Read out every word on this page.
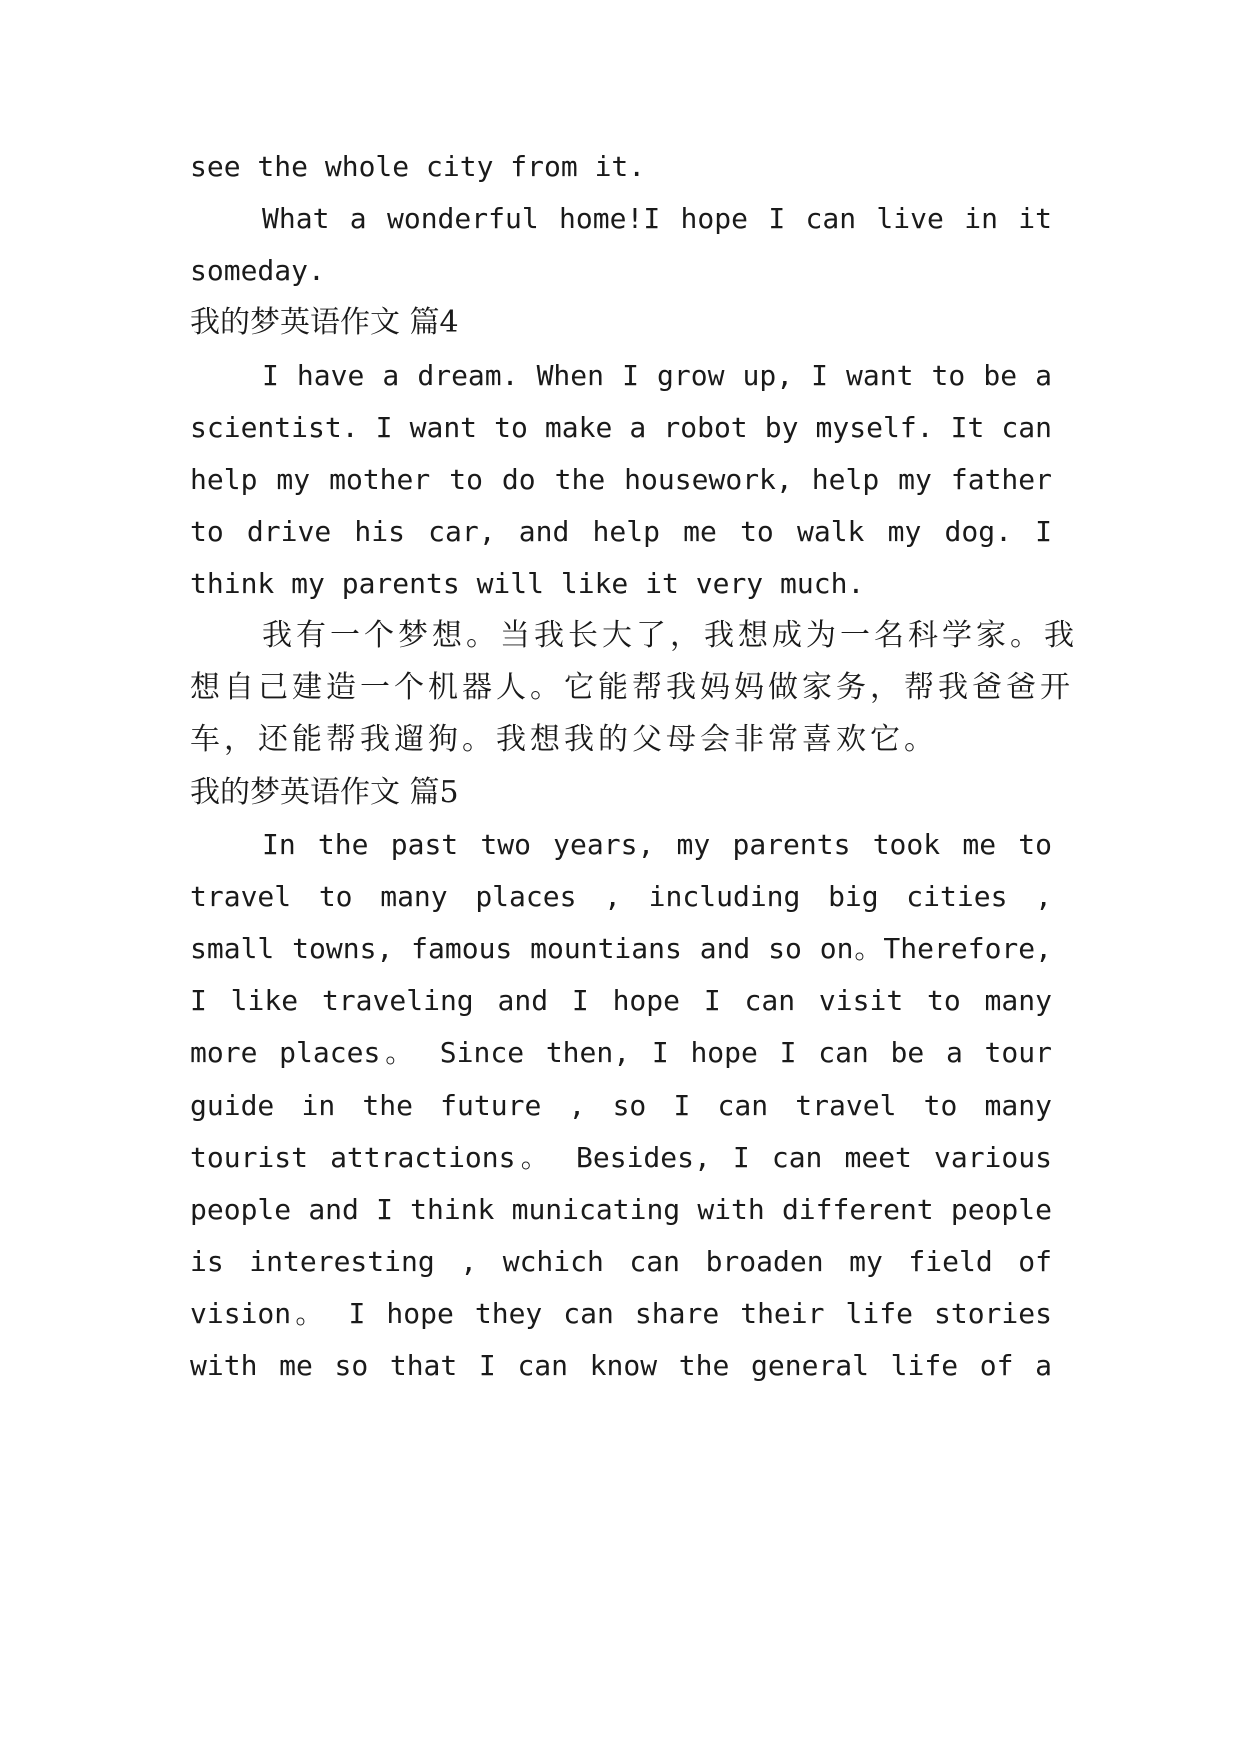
see the whole city from it.
What a wonderful home!I hope I can live in it
someday.
我的梦英语作文 篇4
I have a dream. When I grow up, I want to be a
scientist. I want to make a robot by myself. It can
help my mother to do the housework, help my father
to drive his car, and help me to walk my dog. I
think my parents will like it very much.
我有一个梦想。当我长大了，我想成为一名科学家。我
想自己建造一个机器人。它能帮我妈妈做家务，帮我爸爸开
车，还能帮我遛狗。我想我的父母会非常喜欢它。
我的梦英语作文 篇5
In the past two years, my parents took me to
travel to many places , including big cities ,
small towns, famous mountians and so on。Therefore,
I like traveling and I hope I can visit to many
more places。 Since then, I hope I can be a tour
guide in the future , so I can travel to many
tourist attractions。 Besides, I can meet various
people and I think municating with different people
is interesting , wchich can broaden my field of
vision。 I hope they can share their life stories
with me so that I can know the general life of a
